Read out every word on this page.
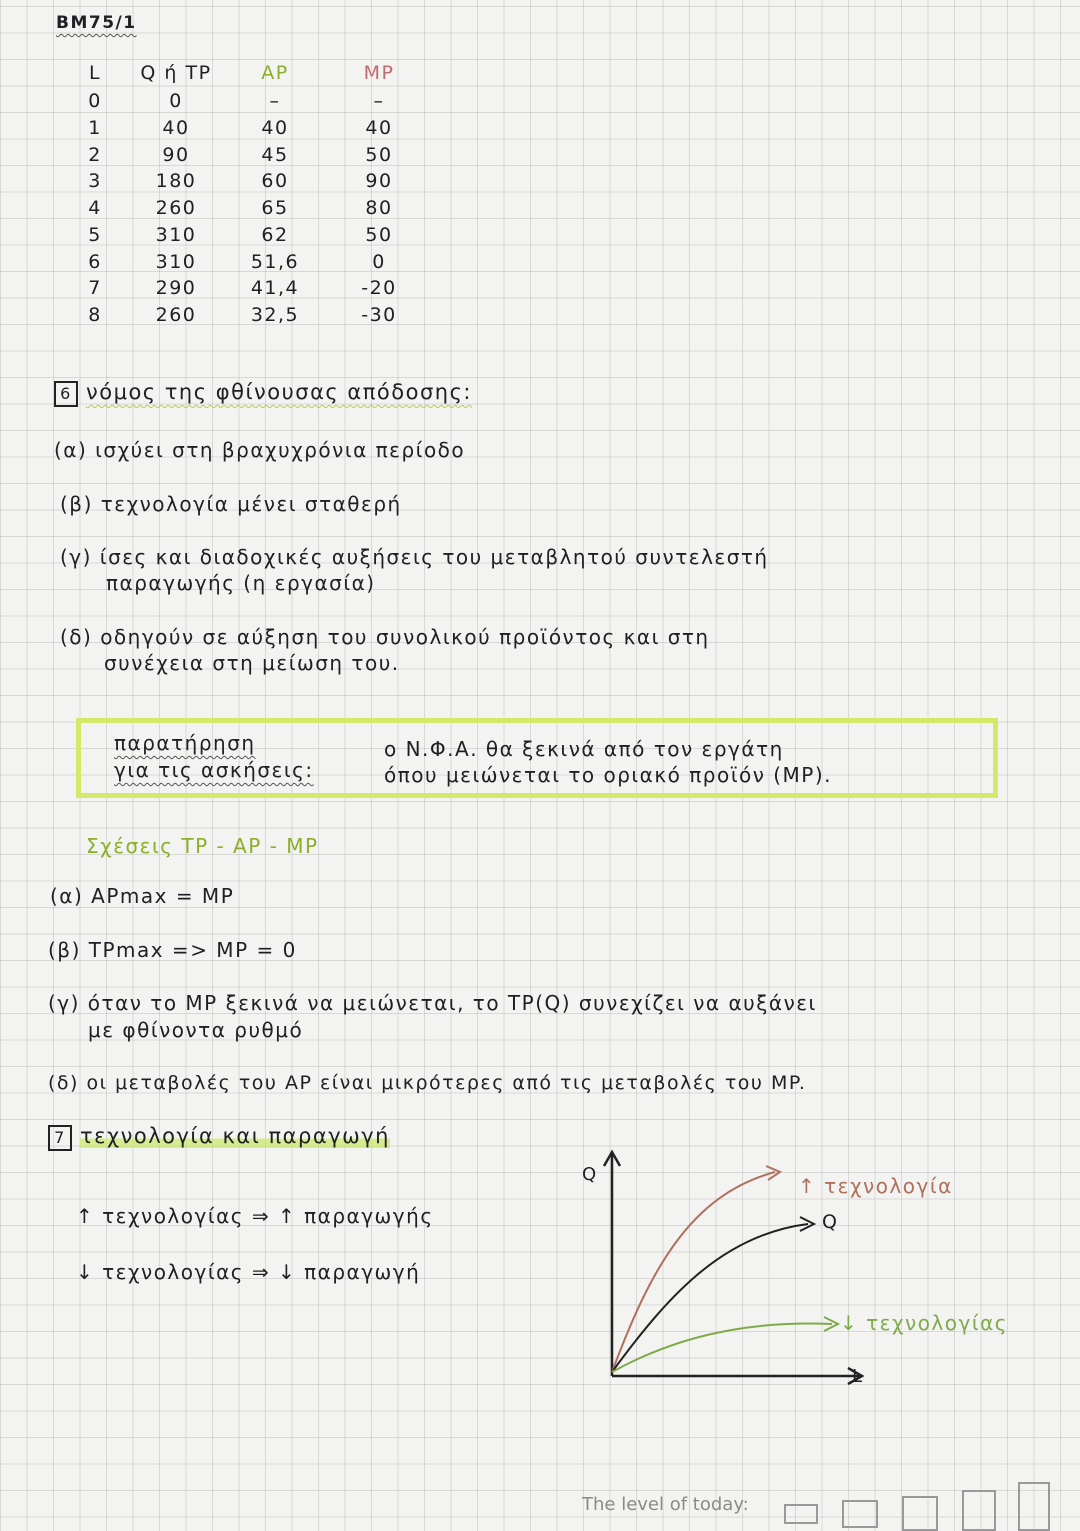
BM75/1
L	Q ή TP	AP	MP
0	0	–	–
1	40	40	40
2	90	45	50
3	180	60	90
4	260	65	80
5	310	62	50
6	310	51,6	0
7	290	41,4	-20
8	260	32,5	-30
6 νόμος της φθίνουσας απόδοσης:
(α) ισχύει στη βραχυχρόνια περίοδο
(β) τεχνολογία μένει σταθερή
(γ) ίσες και διαδοχικές αυξήσεις του μεταβλητού συντελεστή
παραγωγής (η εργασία)
(δ) οδηγούν σε αύξηση του συνολικού προϊόντος και στη
συνέχεια στη μείωση του.
παρατήρηση
για τις ασκήσεις:
ο Ν.Φ.Α. θα ξεκινά από τον εργάτη
όπου μειώνεται το οριακό προϊόν (MP).
Σχέσεις TP - AP - MP
(α) APmax = MP
(β) TPmax => MP = 0
(γ) όταν το MP ξεκινά να μειώνεται, το TP(Q) συνεχίζει να αυξάνει
με φθίνοντα ρυθμό
(δ) οι μεταβολές του AP είναι μικρότερες από τις μεταβολές του MP.
7 τεχνολογία και παραγωγή
↑ τεχνολογίας ⇒ ↑ παραγωγής
↓ τεχνολογίας ⇒ ↓ παραγωγή
Q
L
↑ τεχνολογία
Q
↓ τεχνολογίας
The level of today:
